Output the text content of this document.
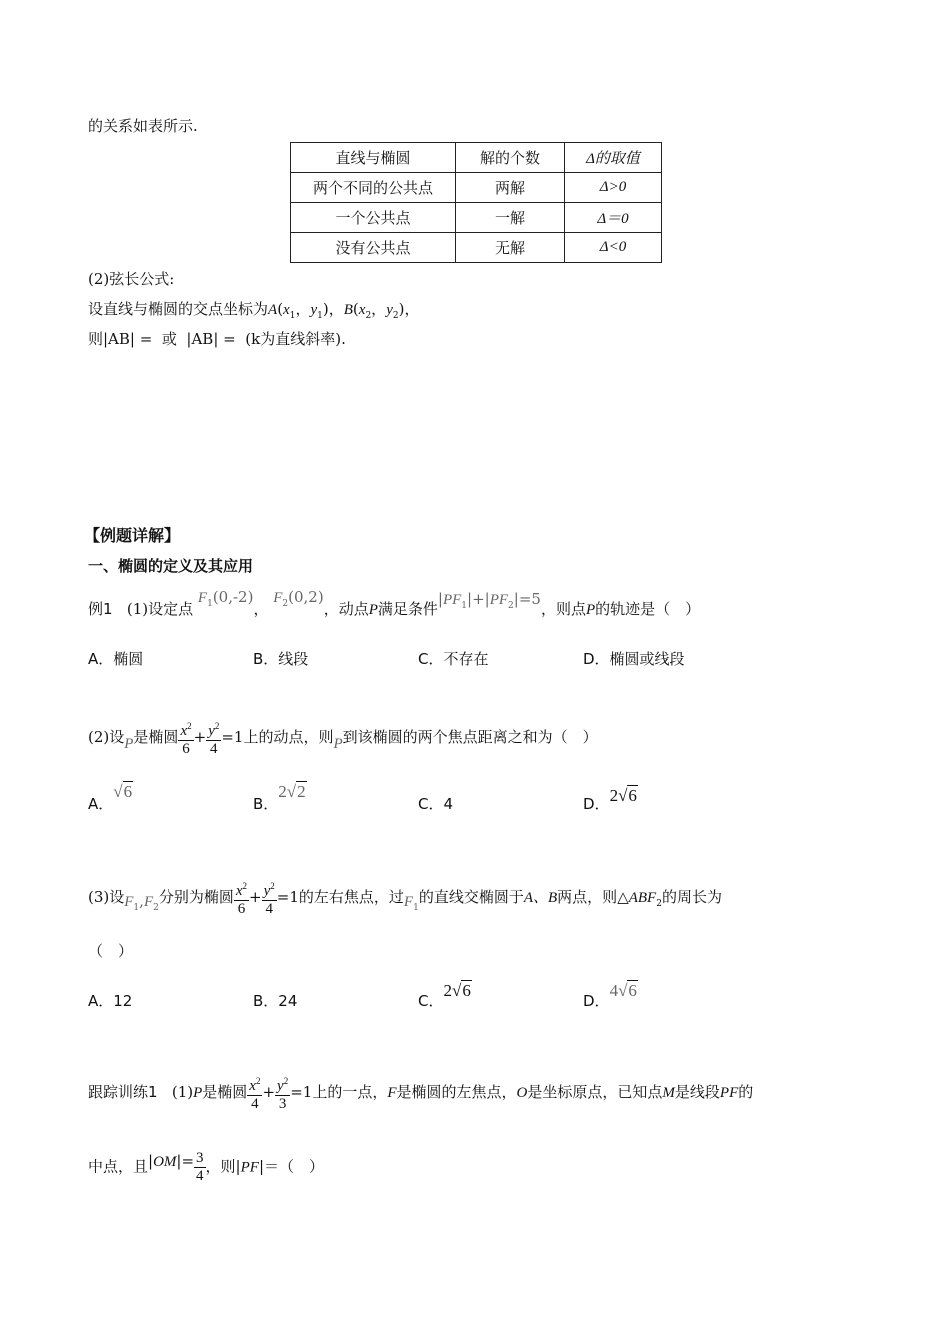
的关系如表所示.
直线与椭圆	解的个数	Δ的取值
两个不同的公共点	两解	Δ>0
一个公共点	一解	Δ＝0
没有公共点	无解	Δ<0
(2)弦长公式:
设直线与椭圆的交点坐标为$A(x_1$，$y_1$)，$B(x_2$，$y_2$)，
则|AB| = 或 |AB| = (k为直线斜率).
【例题详解】
一、椭圆的定义及其应用
例1 (1)设定点 $F_1(0,-2)$， $F_2(0,2)$，动点P满足条件$|PF_1|+|PF_2|=5$，则点P的轨迹是（　）
A．椭圆	B．线段	C．不存在	D．椭圆或线段
(2)设P是椭圆 $\frac{x^2}{6} + \frac{y^2}{4} =1$上的动点，则P到该椭圆的两个焦点距离之和为（　）
A．√6
B．2√2
C．4	D．2√6
(3)设$F_1,F_2$分别为椭圆 $\frac{x^2}{6} + \frac{y^2}{4} =1$的左右焦点，过$F_1$的直线交椭圆于A、B两点，则$\triangle ABF_2$的周长为
（　）
A．12	B．24	C．2√6
D．4√6
跟踪训练1 (1)P是椭圆 $\frac{x^2}{4} + \frac{y^2}{3} =1$上的一点，F是椭圆的左焦点，O是坐标原点，已知点M是线段PF的
中点，且$|OM|= \frac{3}{4}$ ，则|PF|＝（　）
